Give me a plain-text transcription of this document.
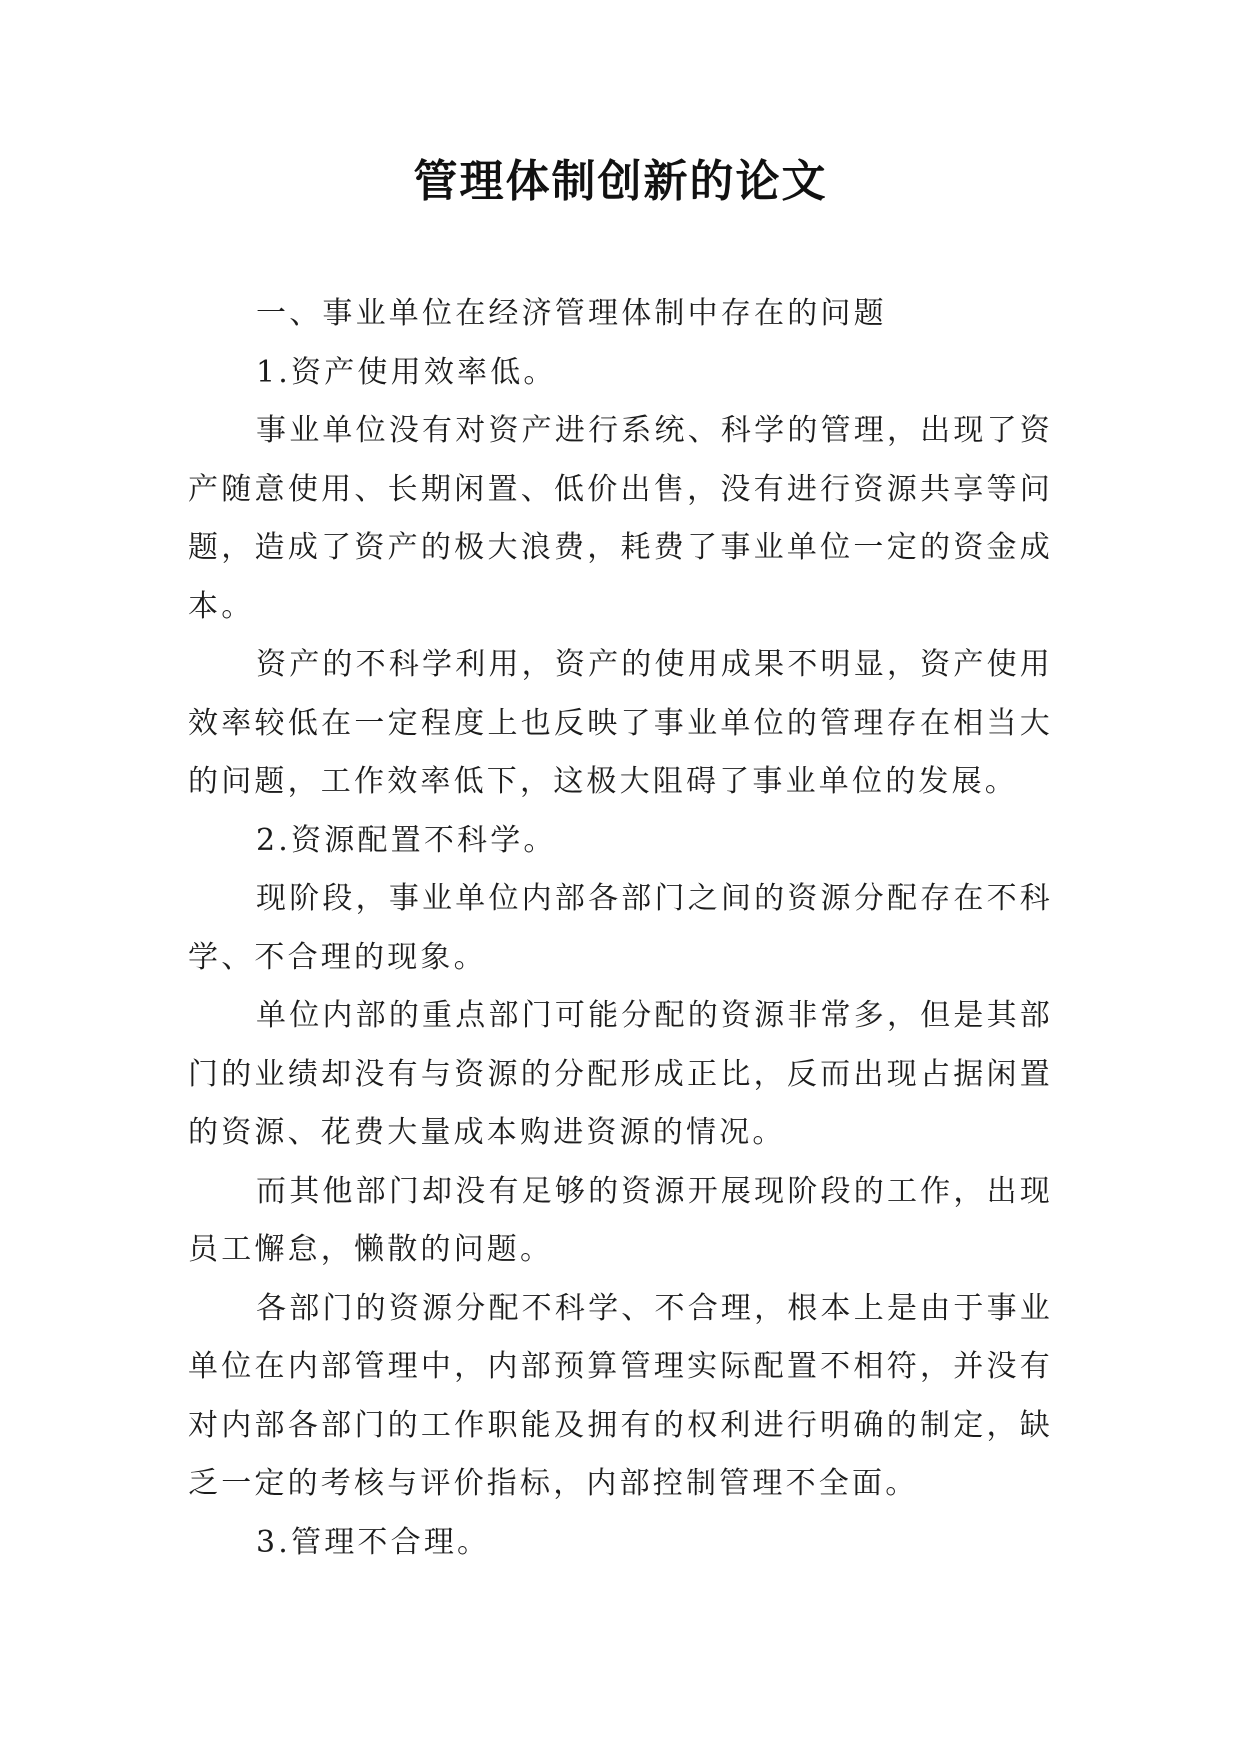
管理体制创新的论文

一、事业单位在经济管理体制中存在的问题

1.资产使用效率低。

事业单位没有对资产进行系统、科学的管理，出现了资产随意使用、长期闲置、低价出售，没有进行资源共享等问题，造成了资产的极大浪费，耗费了事业单位一定的资金成本。

资产的不科学利用，资产的使用成果不明显，资产使用效率较低在一定程度上也反映了事业单位的管理存在相当大的问题，工作效率低下，这极大阻碍了事业单位的发展。

2.资源配置不科学。

现阶段，事业单位内部各部门之间的资源分配存在不科学、不合理的现象。

单位内部的重点部门可能分配的资源非常多，但是其部门的业绩却没有与资源的分配形成正比，反而出现占据闲置的资源、花费大量成本购进资源的情况。

而其他部门却没有足够的资源开展现阶段的工作，出现员工懈怠，懒散的问题。

各部门的资源分配不科学、不合理，根本上是由于事业单位在内部管理中，内部预算管理实际配置不相符，并没有对内部各部门的工作职能及拥有的权利进行明确的制定，缺乏一定的考核与评价指标，内部控制管理不全面。

3.管理不合理。
